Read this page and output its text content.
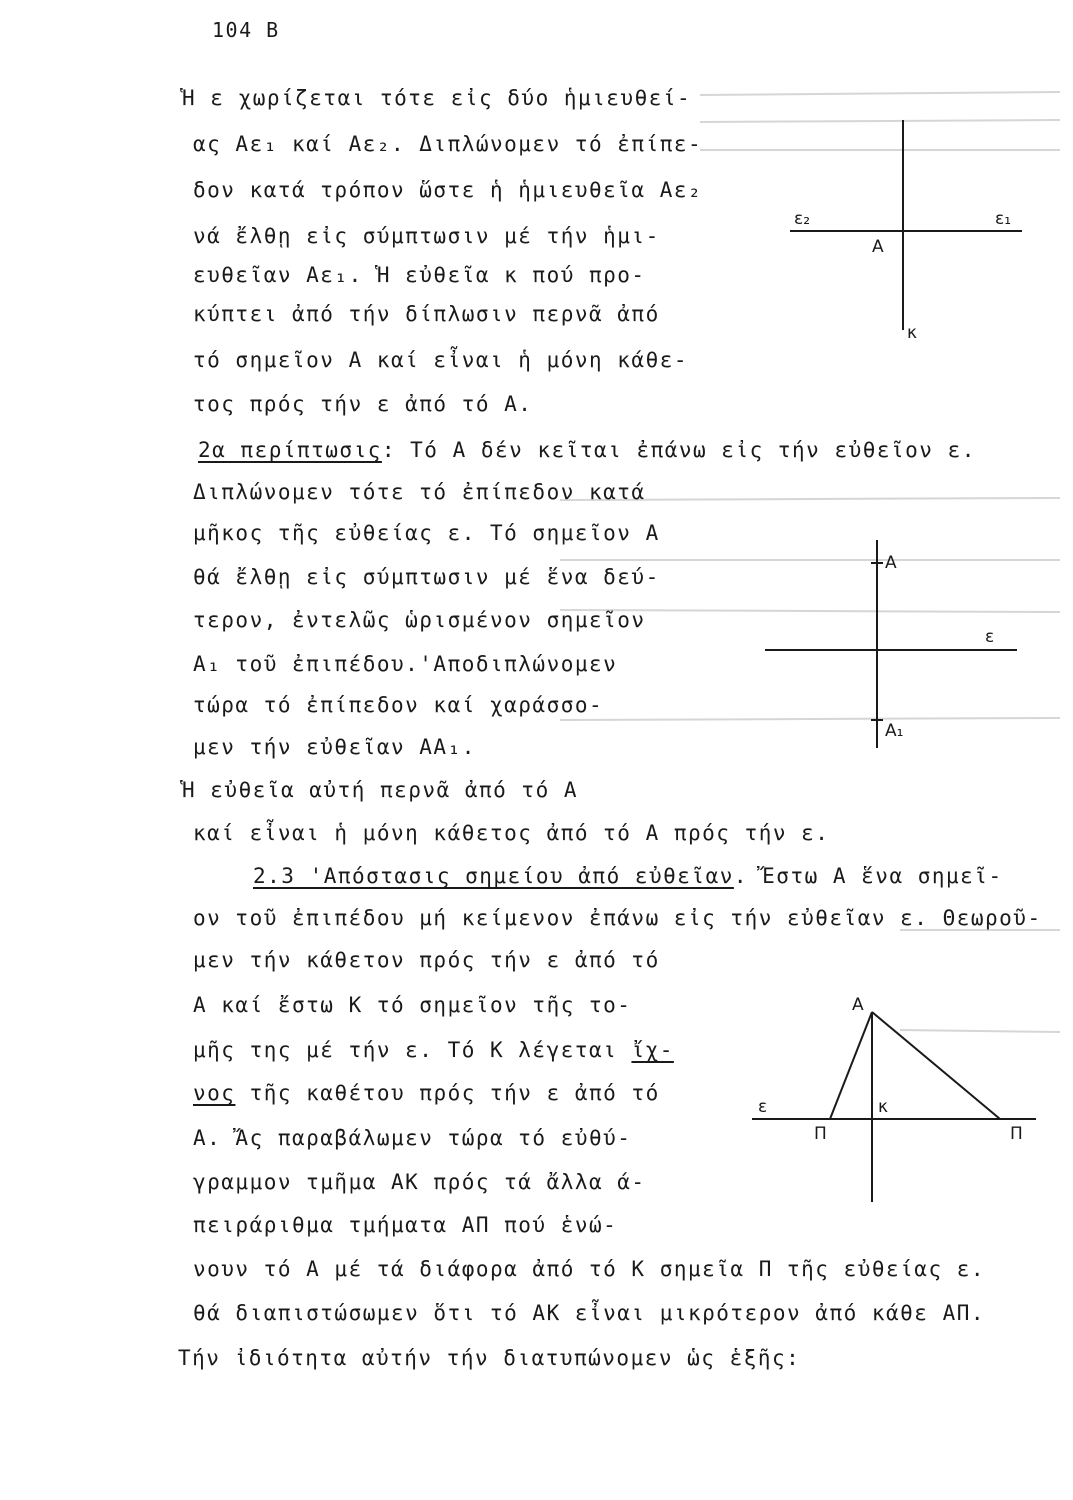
104 Β
Ἡ ε χωρίζεται τότε εἰς δύο ἡμιευθεί-
ας Αε₁ καί Αε₂. Διπλώνομεν τό ἐπίπε-
δον κατά τρόπον ὥστε ἡ ἡμιευθεῖα Αε₂
νά ἔλθῃ εἰς σύμπτωσιν μέ τήν ἡμι-
ευθεῖαν Αε₁. Ἡ εὐθεῖα κ πού προ-
κύπτει ἀπό τήν δίπλωσιν περνᾶ ἀπό
τό σημεῖον Α καί εἶναι ἡ μόνη κάθε-
τος πρός τήν ε ἀπό τό Α.
2α περίπτωσις: Τό Α δέν κεῖται ἐπάνω εἰς τήν εὐθεῖον ε.
Διπλώνομεν τότε τό ἐπίπεδον κατά
μῆκος τῆς εὐθείας ε. Τό σημεῖον Α
θά ἔλθῃ εἰς σύμπτωσιν μέ ἕνα δεύ-
τερον, ἐντελῶς ὡρισμένον σημεῖον
Α₁ τοῦ ἐπιπέδου.'Αποδιπλώνομεν
τώρα τό ἐπίπεδον καί χαράσσο-
μεν τήν εὐθεῖαν ΑΑ₁.
Ἡ εὐθεῖα αὐτή περνᾶ ἀπό τό Α
καί εἶναι ἡ μόνη κάθετος ἀπό τό Α πρός τήν ε.
2.3 'Απόστασις σημείου ἀπό εὐθεῖαν. Ἔστω Α ἕνα σημεῖ-
ον τοῦ ἐπιπέδου μή κείμενον ἐπάνω εἰς τήν εὐθεῖαν ε. Θεωροῦ-
μεν τήν κάθετον πρός τήν ε ἀπό τό
Α καί ἔστω Κ τό σημεῖον τῆς το-
μῆς της μέ τήν ε. Τό Κ λέγεται ἴχ-
νος τῆς καθέτου πρός τήν ε ἀπό τό
Α. Ἄς παραβάλωμεν τώρα τό εὐθύ-
γραμμον τμῆμα ΑΚ πρός τά ἄλλα ά-
πειράριθμα τμήματα ΑΠ πού ἑνώ-
νουν τό Α μέ τά διάφορα ἀπό τό Κ σημεῖα Π τῆς εὐθείας ε.
θά διαπιστώσωμεν ὅτι τό ΑΚ εἶναι μικρότερον ἀπό κάθε ΑΠ.
Τήν ἰδιότητα αὐτήν τήν διατυπώνομεν ὡς ἑξῆς:
ε₂	ε₁
Α
κ
Α
ε
Α₁
Α
ε	κ
Π	Π
